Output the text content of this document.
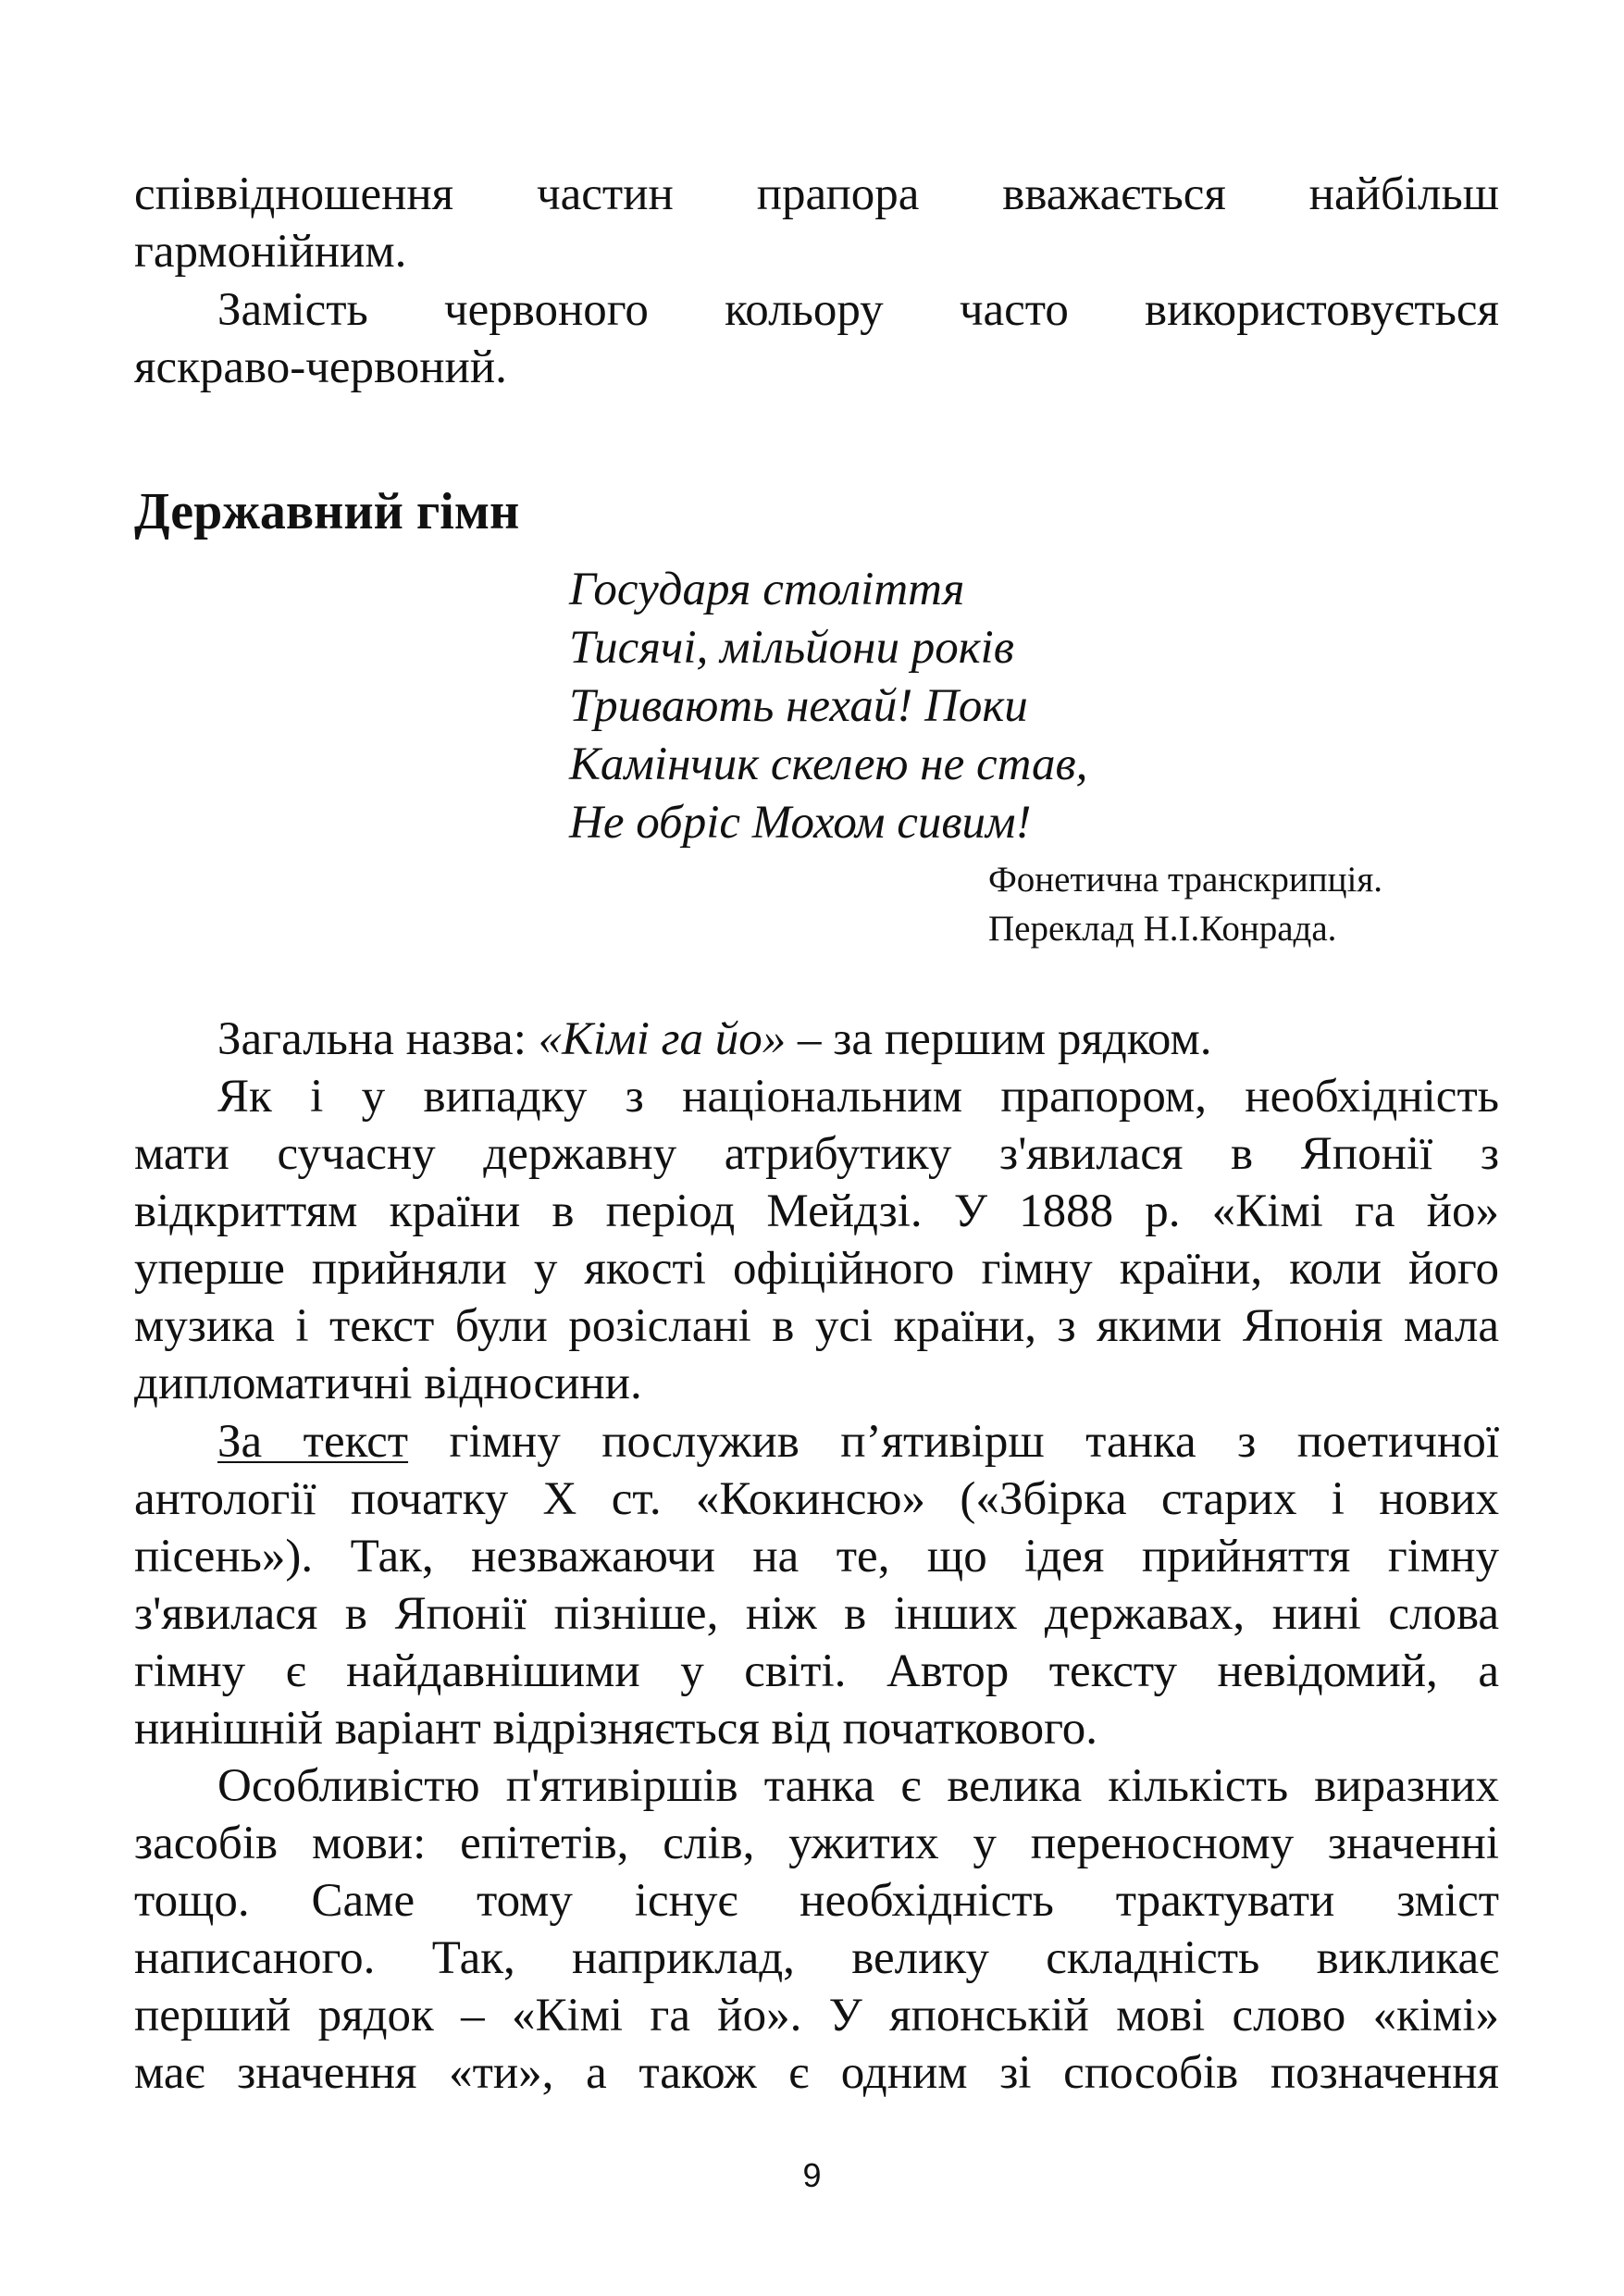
співвідношення частин прапора вважається найбільш
гармонійним.
Замість червоного кольору часто використовується
яскраво-червоний.
Державний гімн
Государя століття
Тисячі, мільйони років
Тривають нехай! Поки
Камінчик скелею не став,
Не обріс Мохом сивим!
Фонетична транскрипція.
Переклад Н.І.Конрада.
Загальна назва: «Кімі га йо» – за першим рядком.
Як і у випадку з національним прапором, необхідність
мати сучасну державну атрибутику з'явилася в Японії з
відкриттям країни в період Мейдзі. У 1888 р. «Кімі га йо»
уперше прийняли у якості офіційного гімну країни, коли його
музика і текст були розіслані в усі країни, з якими Японія мала
дипломатичні відносини.
За текст гімну послужив п’ятивірш танка з поетичної
антології початку Х ст. «Кокинсю» («Збірка старих і нових
пісень»). Так, незважаючи на те, що ідея прийняття гімну
з'явилася в Японії пізніше, ніж в інших державах, нині слова
гімну є найдавнішими у світі. Автор тексту невідомий, а
нинішній варіант відрізняється від початкового.
Особливістю п'ятивіршів танка є велика кількість виразних
засобів мови: епітетів, слів, ужитих у переносному значенні
тощо. Саме тому існує необхідність трактувати зміст
написаного. Так, наприклад, велику складність викликає
перший рядок – «Кімі га йо». У японській мові слово «кімі»
має значення «ти», а також є одним зі способів позначення
9
